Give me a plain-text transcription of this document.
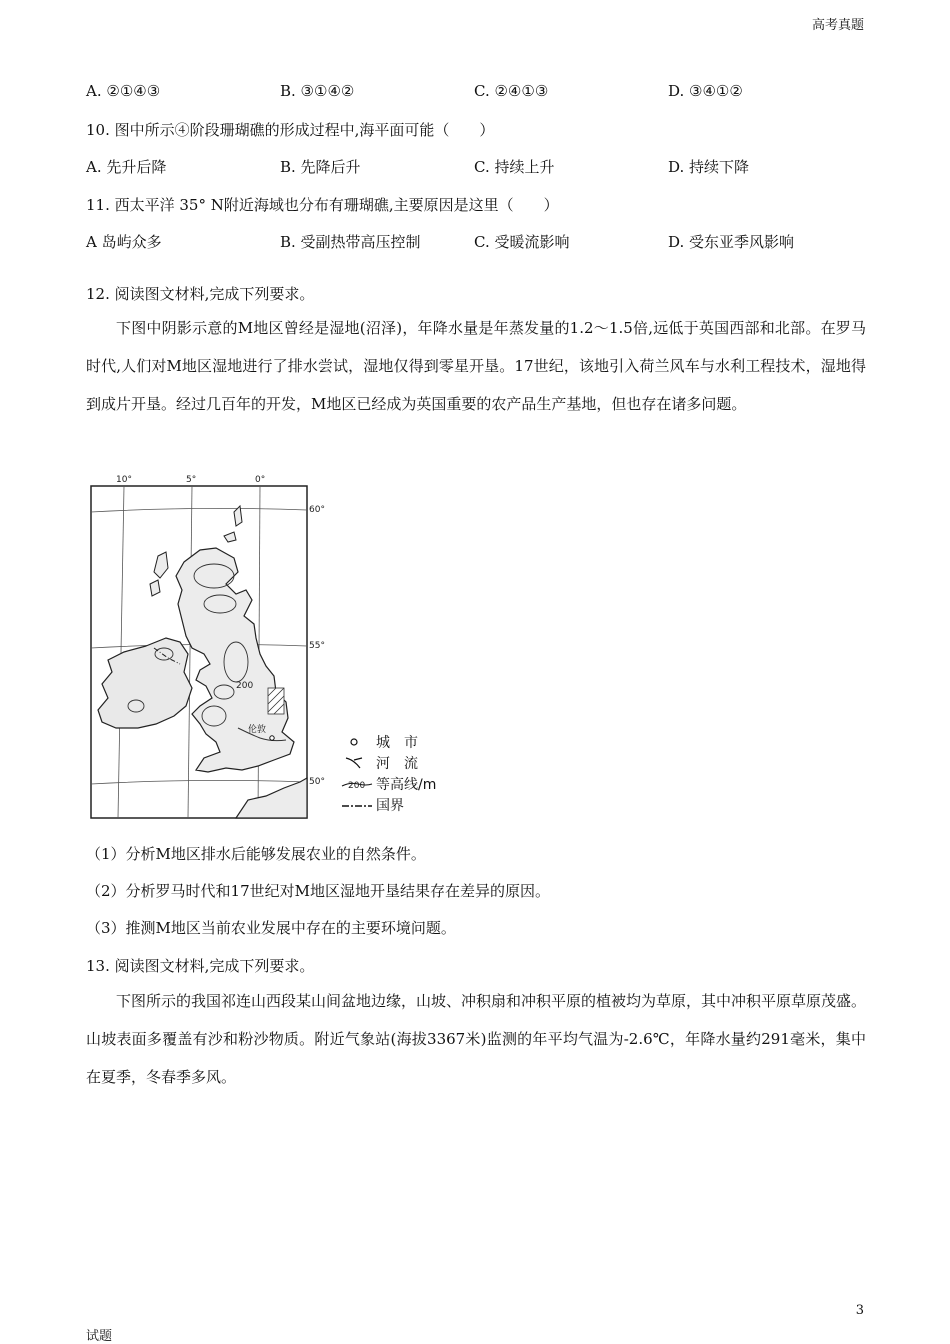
高考真题
A. ②①④③	B. ③①④②	C. ②④①③	D. ③④①②
10. 图中所示④阶段珊瑚礁的形成过程中,海平面可能（　　）
A. 先升后降	B. 先降后升	C. 持续上升	D. 持续下降
11. 西太平洋 35° N附近海域也分布有珊瑚礁,主要原因是这里（　　）
A 岛屿众多	B. 受副热带高压控制	C. 受暖流影响	D. 受东亚季风影响
12. 阅读图文材料,完成下列要求。
下图中阴影示意的M地区曾经是湿地(沼泽)，年降水量是年蒸发量的1.2～1.5倍,远低于英国西部和北部。在罗马时代,人们对M地区湿地进行了排水尝试，湿地仅得到零星开垦。17世纪，该地引入荷兰风车与水利工程技术，湿地得到成片开垦。经过几百年的开发，M地区已经成为英国重要的农产品生产基地，但也存在诸多问题。
10°	5°	0°
60°
55°
50°
200
伦敦
城　市
河　流
200 等高线/m
国界
（1）分析M地区排水后能够发展农业的自然条件。
（2）分析罗马时代和17世纪对M地区湿地开垦结果存在差异的原因。
（3）推测M地区当前农业发展中存在的主要环境问题。
13. 阅读图文材料,完成下列要求。
下图所示的我国祁连山西段某山间盆地边缘，山坡、冲积扇和冲积平原的植被均为草原，其中冲积平原草原茂盛。山坡表面多覆盖有沙和粉沙物质。附近气象站(海拔3367米)监测的年平均气温为-2.6℃，年降水量约291毫米，集中在夏季，冬春季多风。
3
试题
